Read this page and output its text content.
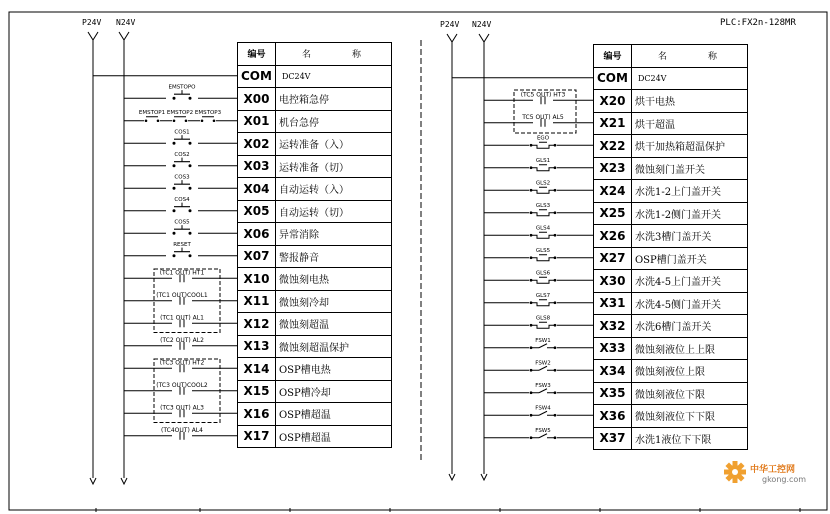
EMSTOPO
EMSTOP1 EMSTOP2 EMSTOP3
COS1
COS2
COS3
COS4
COS5
RESET
(TC1 OUT) HT1
(TC1 OUT)COOL1
(TC1 OUT) AL1
(TC2 OUT) AL2
(TC3 OUT) HT2
(TC3 OUT)COOL2
(TC3 OUT) AL3
(TC4OUT) AL4
(TC5 OUT) HT3
TC5 OUT) AL5
EGO
GLS1
GLS2
GLS3
GLS4
GLS5
GLS6
GLS7
GLS8
FSW1
FSW2
FSW3
FSW4
FSW5
PLC:FX2n-128MR
P24V N24V	P24V N24V
编号	名　称
COM	DC24V
X00	电控箱急停
X01	机台急停
X02	运转准备（入）
X03	运转准备（切）
X04	自动运转（入）
X05	自动运转（切）
X06	异常消除
X07	警报静音
X10	微蚀刻电热
X11	微蚀刻冷却
X12	微蚀刻超温
X13	微蚀刻超温保护
X14	OSP槽电热
X15	OSP槽冷却
X16	OSP槽超温
X17	OSP槽超温
编号	名　称
COM	DC24V
X20	烘干电热
X21	烘干超温
X22	烘干加热箱超温保护
X23	微蚀刻门盖开关
X24	水洗1-2上门盖开关
X25	水洗1-2侧门盖开关
X26	水洗3槽门盖开关
X27	OSP槽门盖开关
X30	水洗4-5上门盖开关
X31	水洗4-5侧门盖开关
X32	水洗6槽门盖开关
X33	微蚀刻液位上上限
X34	微蚀刻液位上限
X35	微蚀刻液位下限
X36	微蚀刻液位下下限
X37	水洗1液位下下限
中华工控网
gkong.com
